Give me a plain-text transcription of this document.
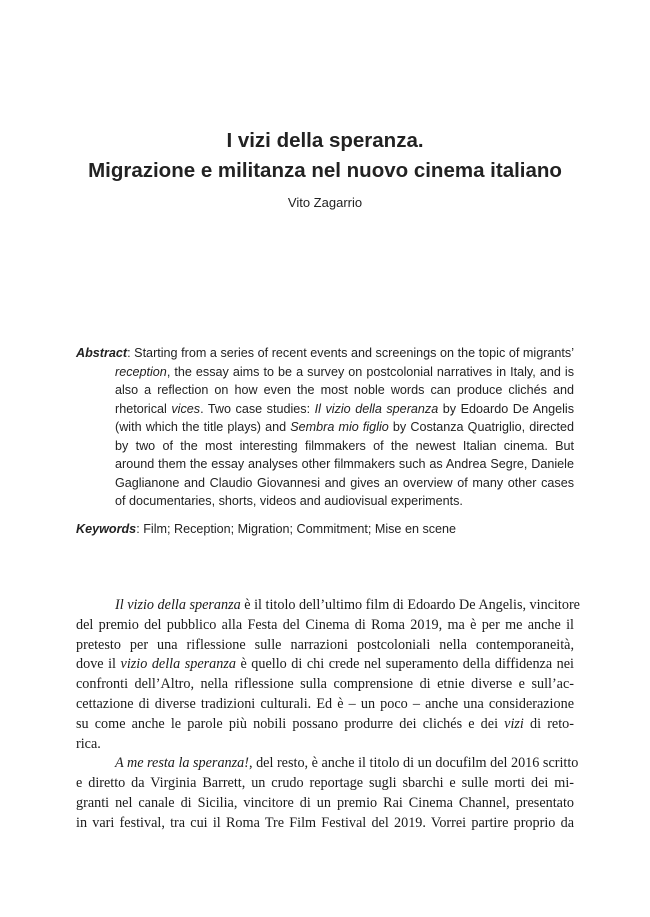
I vizi della speranza.
Migrazione e militanza nel nuovo cinema italiano
Vito Zagarrio
Abstract: Starting from a series of recent events and screenings on the topic of migrants’
reception, the essay aims to be a survey on postcolonial narratives in Italy, and is
also a reflection on how even the most noble words can produce clichés and
rhetorical vices. Two case studies: Il vizio della speranza by Edoardo De Angelis
(with which the title plays) and Sembra mio figlio by Costanza Quatriglio, directed
by two of the most interesting filmmakers of the newest Italian cinema. But
around them the essay analyses other filmmakers such as Andrea Segre, Daniele
Gaglianone and Claudio Giovannesi and gives an overview of many other cases
of documentaries, shorts, videos and audiovisual experiments.
Keywords: Film; Reception; Migration; Commitment; Mise en scene
Il vizio della speranza è il titolo dell’ultimo film di Edoardo De Angelis, vincitore
del premio del pubblico alla Festa del Cinema di Roma 2019, ma è per me anche il
pretesto per una riflessione sulle narrazioni postcoloniali nella contemporaneità,
dove il vizio della speranza è quello di chi crede nel superamento della diffidenza nei
confronti dell’Altro, nella riflessione sulla comprensione di etnie diverse e sull’ac-
cettazione di diverse tradizioni culturali. Ed è – un poco – anche una considerazione
su come anche le parole più nobili possano produrre dei clichés e dei vizi di reto-
rica.
A me resta la speranza!, del resto, è anche il titolo di un docufilm del 2016 scritto
e diretto da Virginia Barrett, un crudo reportage sugli sbarchi e sulle morti dei mi-
granti nel canale di Sicilia, vincitore di un premio Rai Cinema Channel, presentato
in vari festival, tra cui il Roma Tre Film Festival del 2019. Vorrei partire proprio da
